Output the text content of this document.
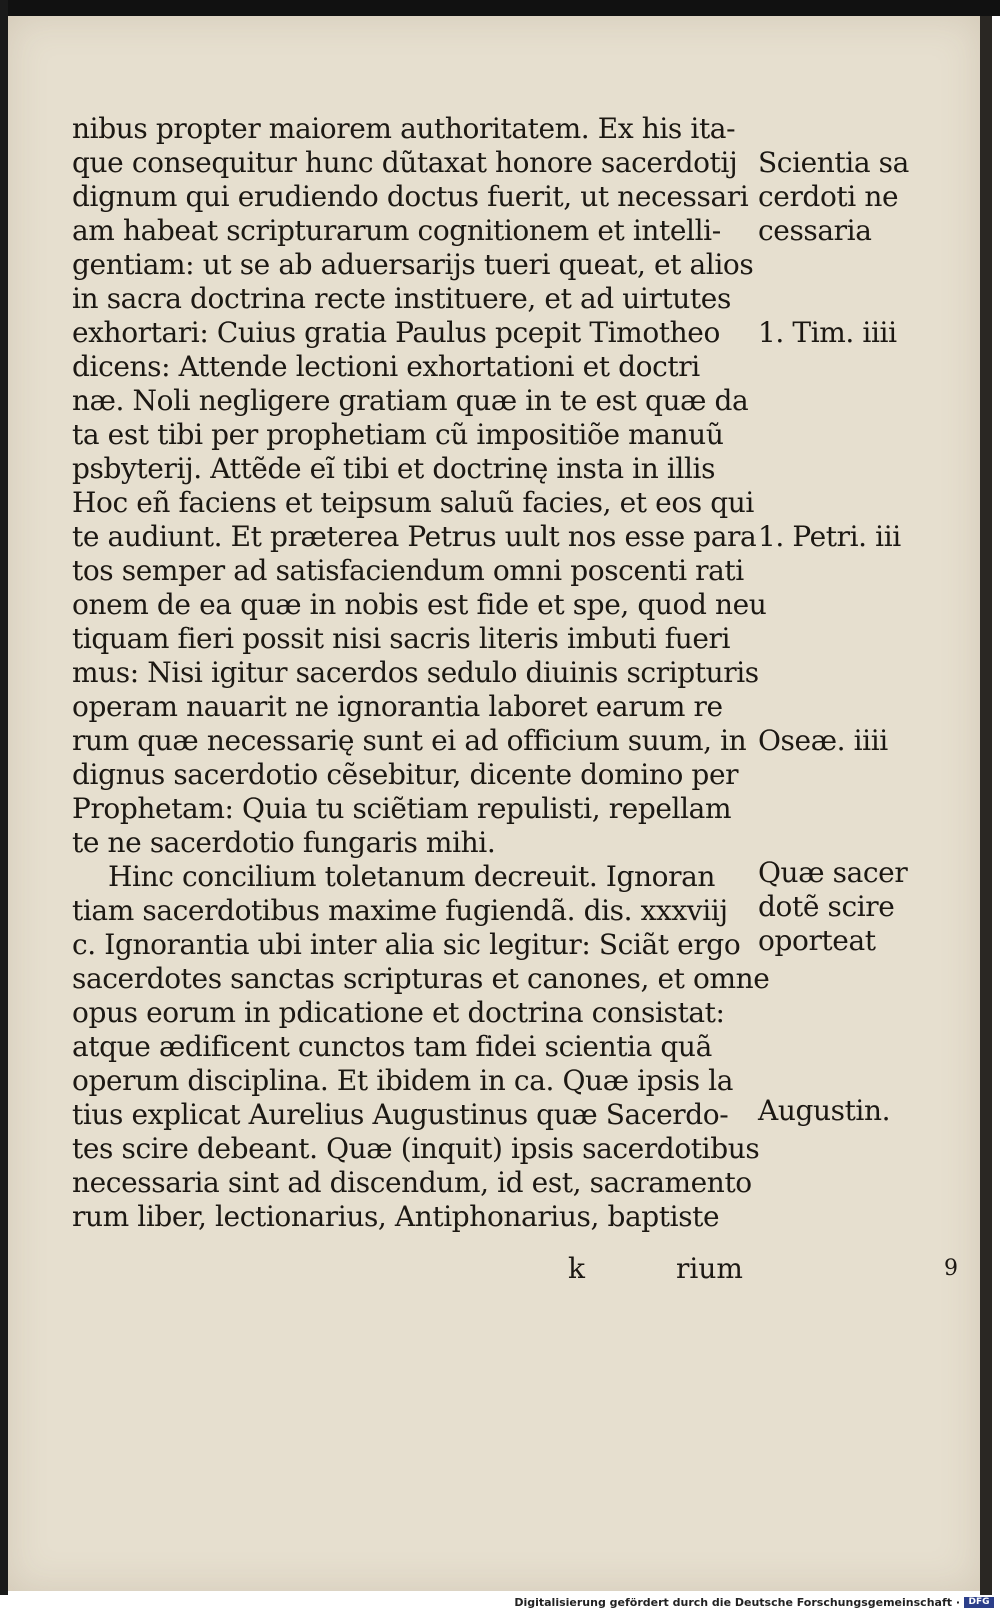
nibus propter maiorem authoritatem. Ex his ita-
que consequitur hunc dũtaxat honore sacerdotij
dignum qui erudiendo doctus fuerit, ut necessari
am habeat scripturarum cognitionem et intelli-
gentiam: ut se ab aduersarijs tueri queat, et alios
in sacra doctrina recte instituere, et ad uirtutes
exhortari: Cuius gratia Paulus pcepit Timotheo
dicens: Attende lectioni exhortationi et doctri
næ. Noli negligere gratiam quæ in te est quæ da
ta est tibi per prophetiam cũ impositiõe manuũ
psbyterij. Attẽde eĩ tibi et doctrinę insta in illis
Hoc eñ faciens et teipsum saluũ facies, et eos qui
te audiunt. Et præterea Petrus uult nos esse para
tos semper ad satisfaciendum omni poscenti rati
onem de ea quæ in nobis est fide et spe, quod neu
tiquam fieri possit nisi sacris literis imbuti fueri
mus: Nisi igitur sacerdos sedulo diuinis scripturis
operam nauarit ne ignorantia laboret earum re
rum quæ necessarię sunt ei ad officium suum, in
dignus sacerdotio cẽsebitur, dicente domino per
Prophetam: Quia tu sciẽtiam repulisti, repellam
te ne sacerdotio fungaris mihi.
Hinc concilium toletanum decreuit. Ignoran
tiam sacerdotibus maxime fugiendã. dis. xxxviij
c. Ignorantia ubi inter alia sic legitur: Sciãt ergo
sacerdotes sanctas scripturas et canones, et omne
opus eorum in pdicatione et doctrina consistat:
atque ædificent cunctos tam fidei scientia quã
operum disciplina. Et ibidem in ca. Quæ ipsis la
tius explicat Aurelius Augustinus quæ Sacerdo-
tes scire debeant. Quæ (inquit) ipsis sacerdotibus
necessaria sint ad discendum, id est, sacramento
rum liber, lectionarius, Antiphonarius, baptiste
Scientia sa
cerdoti ne
cessaria
1. Tim. iiii
1. Petri. iii
Oseæ. iiii
Quæ sacer
dotẽ scire
oporteat
Augustin.
k	rium	9
Digitalisierung gefördert durch die Deutsche Forschungsgemeinschaft · DFG
